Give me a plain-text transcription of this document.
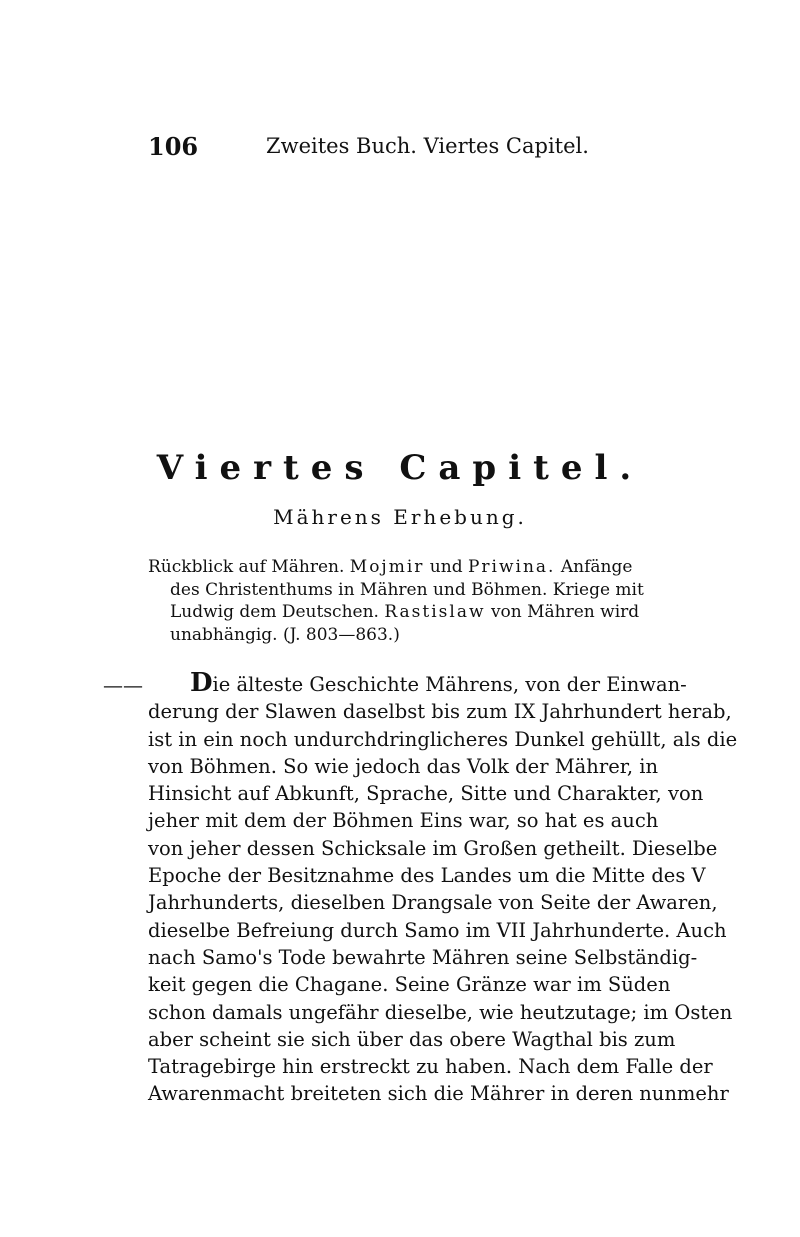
106	Zweites Buch. Viertes Capitel.
Viertes Capitel.
Mährens Erhebung.
Rückblick auf Mähren. Mojmir und Priwina. Anfänge
des Christenthums in Mähren und Böhmen. Kriege mit
Ludwig dem Deutschen. Rastislaw von Mähren wird
unabhängig. (J. 803—863.)
——	Die älteste Geschichte Mährens, von der Einwan-
derung der Slawen daselbst bis zum IX Jahrhundert herab,
ist in ein noch undurchdringlicheres Dunkel gehüllt, als die
von Böhmen. So wie jedoch das Volk der Mährer, in
Hinsicht auf Abkunft, Sprache, Sitte und Charakter, von
jeher mit dem der Böhmen Eins war, so hat es auch
von jeher dessen Schicksale im Großen getheilt. Dieselbe
Epoche der Besitznahme des Landes um die Mitte des V
Jahrhunderts, dieselben Drangsale von Seite der Awaren,
dieselbe Befreiung durch Samo im VII Jahrhunderte. Auch
nach Samo's Tode bewahrte Mähren seine Selbständig-
keit gegen die Chagane. Seine Gränze war im Süden
schon damals ungefähr dieselbe, wie heutzutage; im Osten
aber scheint sie sich über das obere Wagthal bis zum
Tatragebirge hin erstreckt zu haben. Nach dem Falle der
Awarenmacht breiteten sich die Mährer in deren nunmehr
